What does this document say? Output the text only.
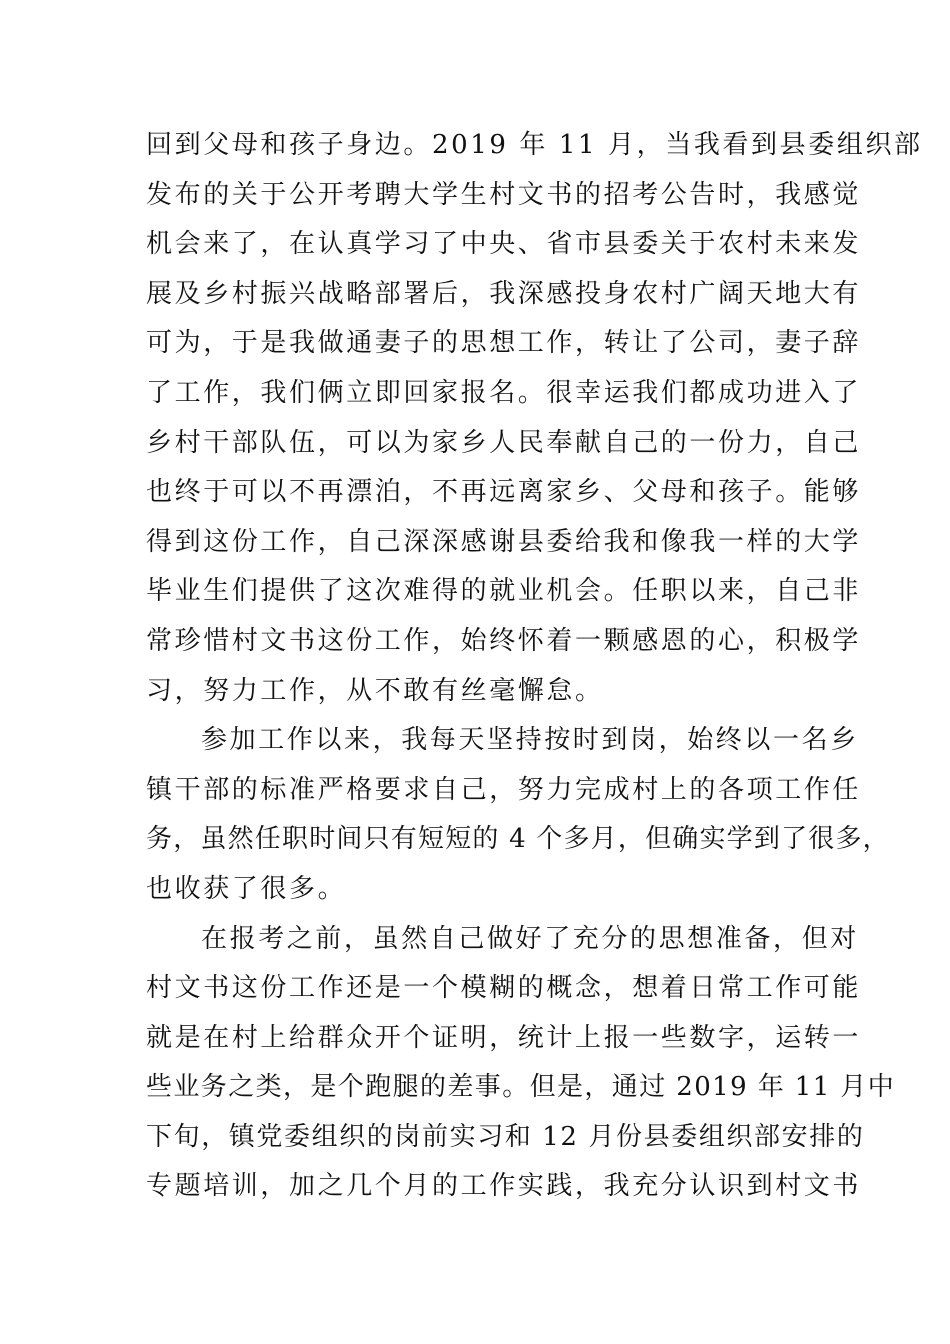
回到父母和孩子身边。2019 年 11 月，当我看到县委组织部
发布的关于公开考聘大学生村文书的招考公告时，我感觉
机会来了，在认真学习了中央、省市县委关于农村未来发
展及乡村振兴战略部署后，我深感投身农村广阔天地大有
可为，于是我做通妻子的思想工作，转让了公司，妻子辞
了工作，我们俩立即回家报名。很幸运我们都成功进入了
乡村干部队伍，可以为家乡人民奉献自己的一份力，自己
也终于可以不再漂泊，不再远离家乡、父母和孩子。能够
得到这份工作，自己深深感谢县委给我和像我一样的大学
毕业生们提供了这次难得的就业机会。任职以来，自己非
常珍惜村文书这份工作，始终怀着一颗感恩的心，积极学
习，努力工作，从不敢有丝毫懈怠。
参加工作以来，我每天坚持按时到岗，始终以一名乡
镇干部的标准严格要求自己，努力完成村上的各项工作任
务，虽然任职时间只有短短的 4 个多月，但确实学到了很多，
也收获了很多。
在报考之前，虽然自己做好了充分的思想准备，但对
村文书这份工作还是一个模糊的概念，想着日常工作可能
就是在村上给群众开个证明，统计上报一些数字，运转一
些业务之类，是个跑腿的差事。但是，通过 2019 年 11 月中
下旬，镇党委组织的岗前实习和 12 月份县委组织部安排的
专题培训，加之几个月的工作实践，我充分认识到村文书
